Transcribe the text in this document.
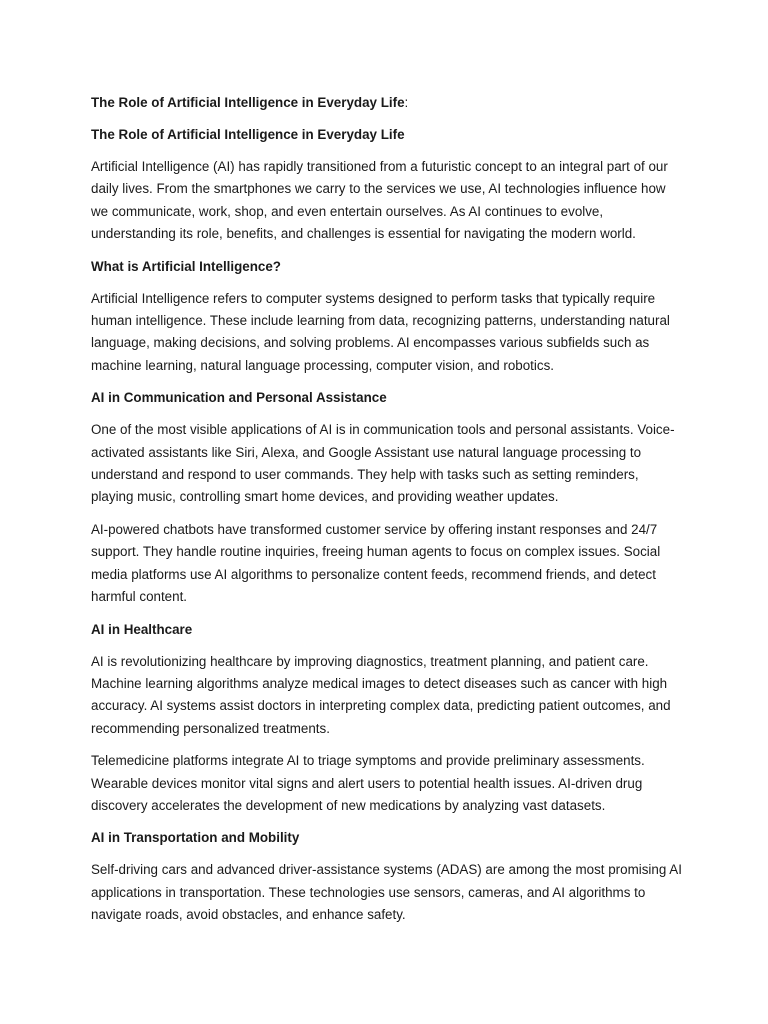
The Role of Artificial Intelligence in Everyday Life:

The Role of Artificial Intelligence in Everyday Life

Artificial Intelligence (AI) has rapidly transitioned from a futuristic concept to an integral part of our daily lives. From the smartphones we carry to the services we use, AI technologies influence how we communicate, work, shop, and even entertain ourselves. As AI continues to evolve, understanding its role, benefits, and challenges is essential for navigating the modern world.

What is Artificial Intelligence?

Artificial Intelligence refers to computer systems designed to perform tasks that typically require human intelligence. These include learning from data, recognizing patterns, understanding natural language, making decisions, and solving problems. AI encompasses various subfields such as machine learning, natural language processing, computer vision, and robotics.

AI in Communication and Personal Assistance

One of the most visible applications of AI is in communication tools and personal assistants. Voice-activated assistants like Siri, Alexa, and Google Assistant use natural language processing to understand and respond to user commands. They help with tasks such as setting reminders, playing music, controlling smart home devices, and providing weather updates.

AI-powered chatbots have transformed customer service by offering instant responses and 24/7 support. They handle routine inquiries, freeing human agents to focus on complex issues. Social media platforms use AI algorithms to personalize content feeds, recommend friends, and detect harmful content.

AI in Healthcare

AI is revolutionizing healthcare by improving diagnostics, treatment planning, and patient care. Machine learning algorithms analyze medical images to detect diseases such as cancer with high accuracy. AI systems assist doctors in interpreting complex data, predicting patient outcomes, and recommending personalized treatments.

Telemedicine platforms integrate AI to triage symptoms and provide preliminary assessments. Wearable devices monitor vital signs and alert users to potential health issues. AI-driven drug discovery accelerates the development of new medications by analyzing vast datasets.

AI in Transportation and Mobility

Self-driving cars and advanced driver-assistance systems (ADAS) are among the most promising AI applications in transportation. These technologies use sensors, cameras, and AI algorithms to navigate roads, avoid obstacles, and enhance safety.
